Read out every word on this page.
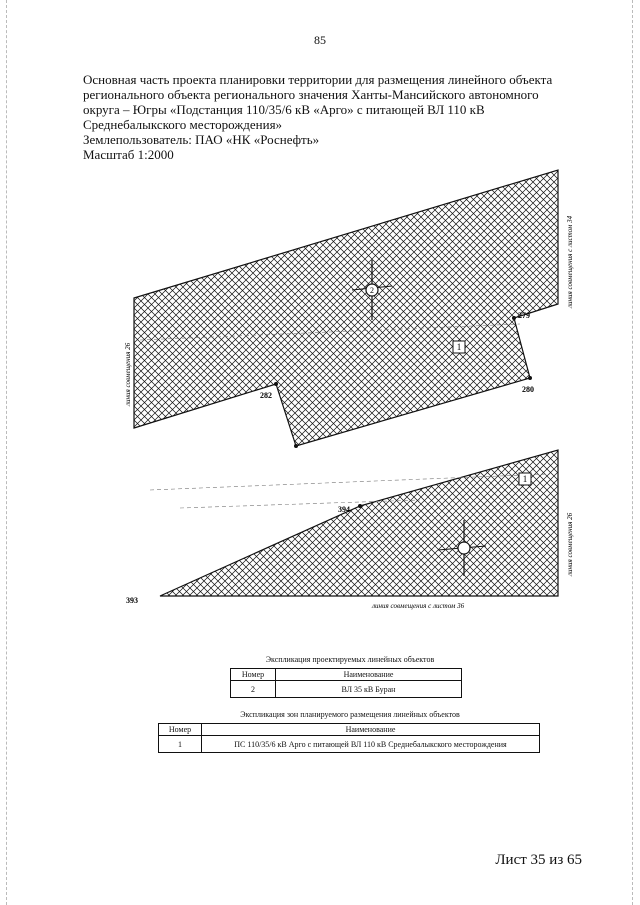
85
Основная часть проекта планировки территории для размещения линейного объекта
регионального объекта регионального значения Ханты-Мансийского автономного
округа – Югры «Подстанция 110/35/6 кВ «Арго» с питающей ВЛ 110 кВ
Среднебалыкского месторождения»
Землепользователь: ПАО «НК «Роснефть»
Масштаб 1:2000
2
1
1
279
280
282
394
393
линия совмещения 26
линия совмещения с листом 34
линия совмещения 26
линия совмещения с листом 36
Экспликация проектируемых линейных объектов
Номер	Наименование
2	ВЛ 35 кВ Буран
Экспликация зон планируемого размещения линейных объектов
Номер	Наименование
1	ПС 110/35/6 кВ Арго с питающей ВЛ 110 кВ Среднебалыкского месторождения
Лист 35 из 65
